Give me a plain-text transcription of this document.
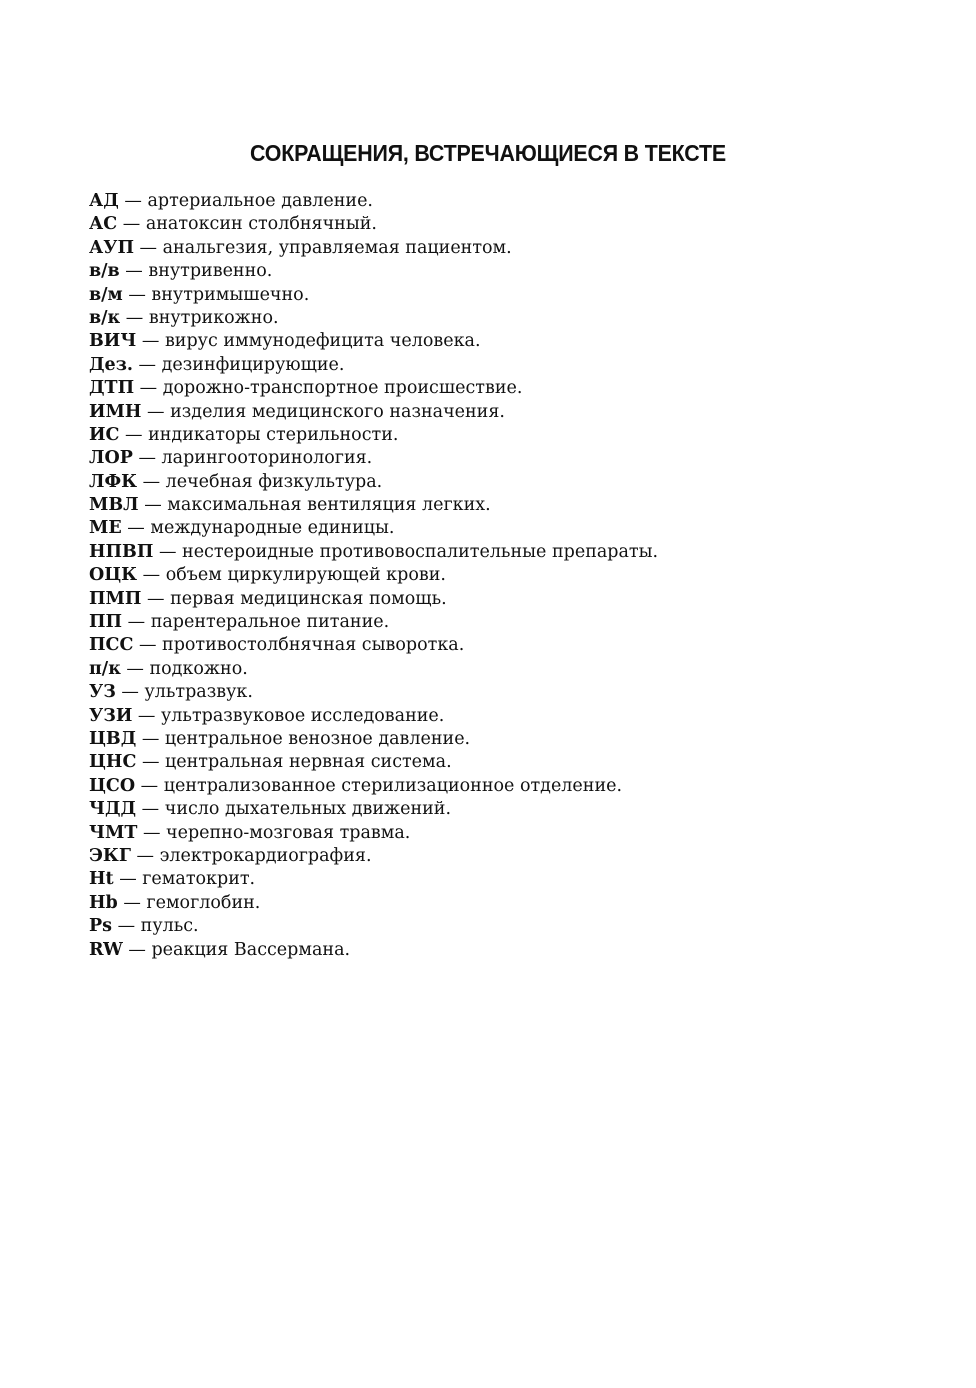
СОКРАЩЕНИЯ, ВСТРЕЧАЮЩИЕСЯ В ТЕКСТЕ
АД — артериальное давление.
АС — анатоксин столбнячный.
АУП — анальгезия, управляемая пациентом.
в/в — внутривенно.
в/м — внутримышечно.
в/к — внутрикожно.
ВИЧ — вирус иммунодефицита человека.
Дез. — дезинфицирующие.
ДТП — дорожно-транспортное происшествие.
ИМН — изделия медицинского назначения.
ИС — индикаторы стерильности.
ЛОР — ларингооторинология.
ЛФК — лечебная физкультура.
МВЛ — максимальная вентиляция легких.
МЕ — международные единицы.
НПВП — нестероидные противовоспалительные препараты.
ОЦК — объем циркулирующей крови.
ПМП — первая медицинская помощь.
ПП — парентеральное питание.
ПСС — противостолбнячная сыворотка.
п/к — подкожно.
УЗ — ультразвук.
УЗИ — ультразвуковое исследование.
ЦВД — центральное венозное давление.
ЦНС — центральная нервная система.
ЦСО — централизованное стерилизационное отделение.
ЧДД — число дыхательных движений.
ЧМТ — черепно-мозговая травма.
ЭКГ — электрокардиография.
Ht — гематокрит.
Hb — гемоглобин.
Ps — пульс.
RW — реакция Вассермана.
